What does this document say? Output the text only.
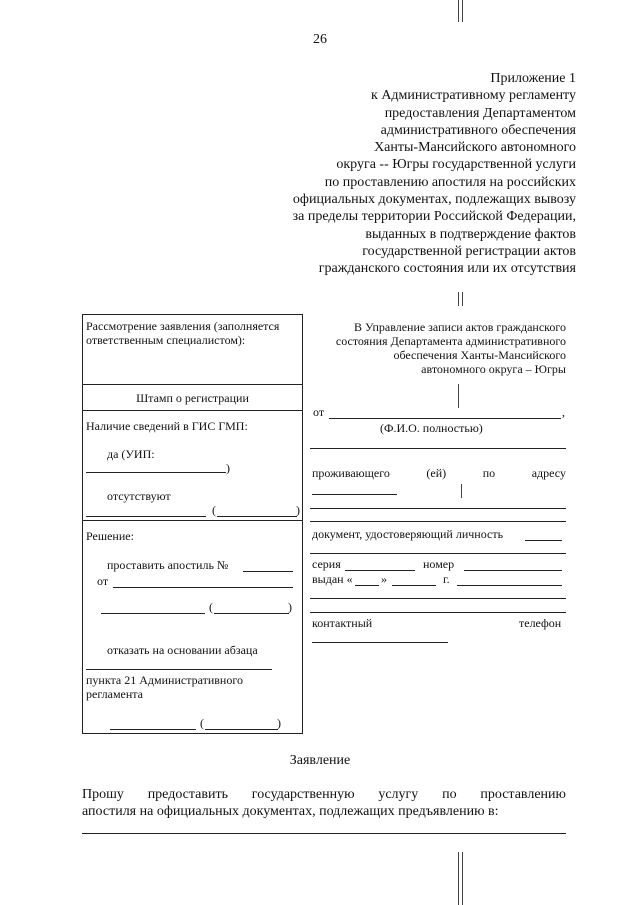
26
Приложение 1
к Административному регламенту
предоставления Департаментом
административного обеспечения
Ханты-Мансийского автономного
округа -- Югры государственной услуги
по проставлению апостиля на российских
официальных документах, подлежащих вывозу
за пределы территории Российской Федерации,
выданных в подтверждение фактов
государственной регистрации актов
гражданского состояния или их отсутствия
Рассмотрение заявления (заполняется
ответственным специалистом):
Штамп о регистрации
Наличие сведений в ГИС ГМП:
да (УИП:
)
отсутствуют
(	)
Решение:
проставить апостиль №
от
(	)
отказать на основании абзаца
пункта 21 Административного
регламента
(	)
В Управление записи актов гражданского
состояния Департамента административного
обеспечения Ханты-Мансийского
автономного округа – Югры
от	,
(Ф.И.О. полностью)
проживающего	(ей)	по	адресу
документ, удостоверяющий личность
серия	номер
выдан « »	г.
контактный	телефон
Заявление
Прошу предоставить государственную услугу по проставлению
апостиля на официальных документах, подлежащих предъявлению в:
